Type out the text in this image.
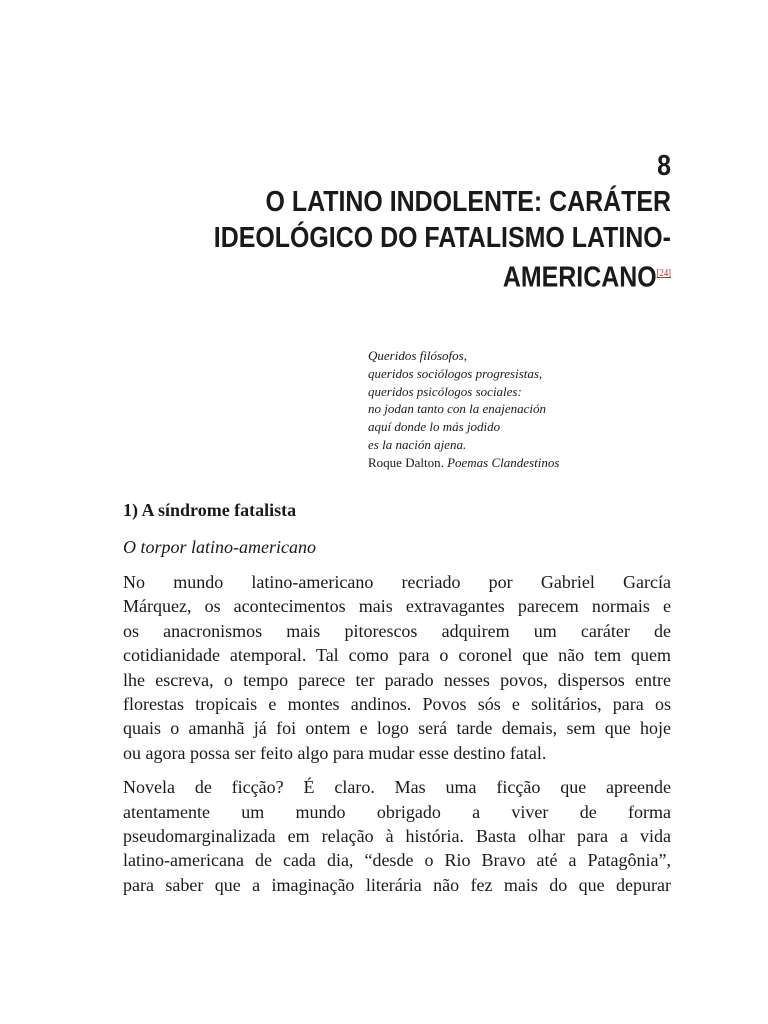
8
O LATINO INDOLENTE: CARÁTER
IDEOLÓGICO DO FATALISMO LATINO-
AMERICANO[24]
Queridos filósofos,
queridos sociólogos progresistas,
queridos psicólogos sociales:
no jodan tanto con la enajenación
aquí donde lo más jodido
es la nación ajena.
Roque Dalton. Poemas Clandestinos
1) A síndrome fatalista
O torpor latino-americano
No mundo latino-americano recriado por Gabriel García
Márquez, os acontecimentos mais extravagantes parecem normais e
os anacronismos mais pitorescos adquirem um caráter de
cotidianidade atemporal. Tal como para o coronel que não tem quem
lhe escreva, o tempo parece ter parado nesses povos, dispersos entre
florestas tropicais e montes andinos. Povos sós e solitários, para os
quais o amanhã já foi ontem e logo será tarde demais, sem que hoje
ou agora possa ser feito algo para mudar esse destino fatal.
Novela de ficção? É claro. Mas uma ficção que apreende
atentamente um mundo obrigado a viver de forma
pseudomarginalizada em relação à história. Basta olhar para a vida
latino-americana de cada dia, “desde o Rio Bravo até a Patagônia”,
para saber que a imaginação literária não fez mais do que depurar
